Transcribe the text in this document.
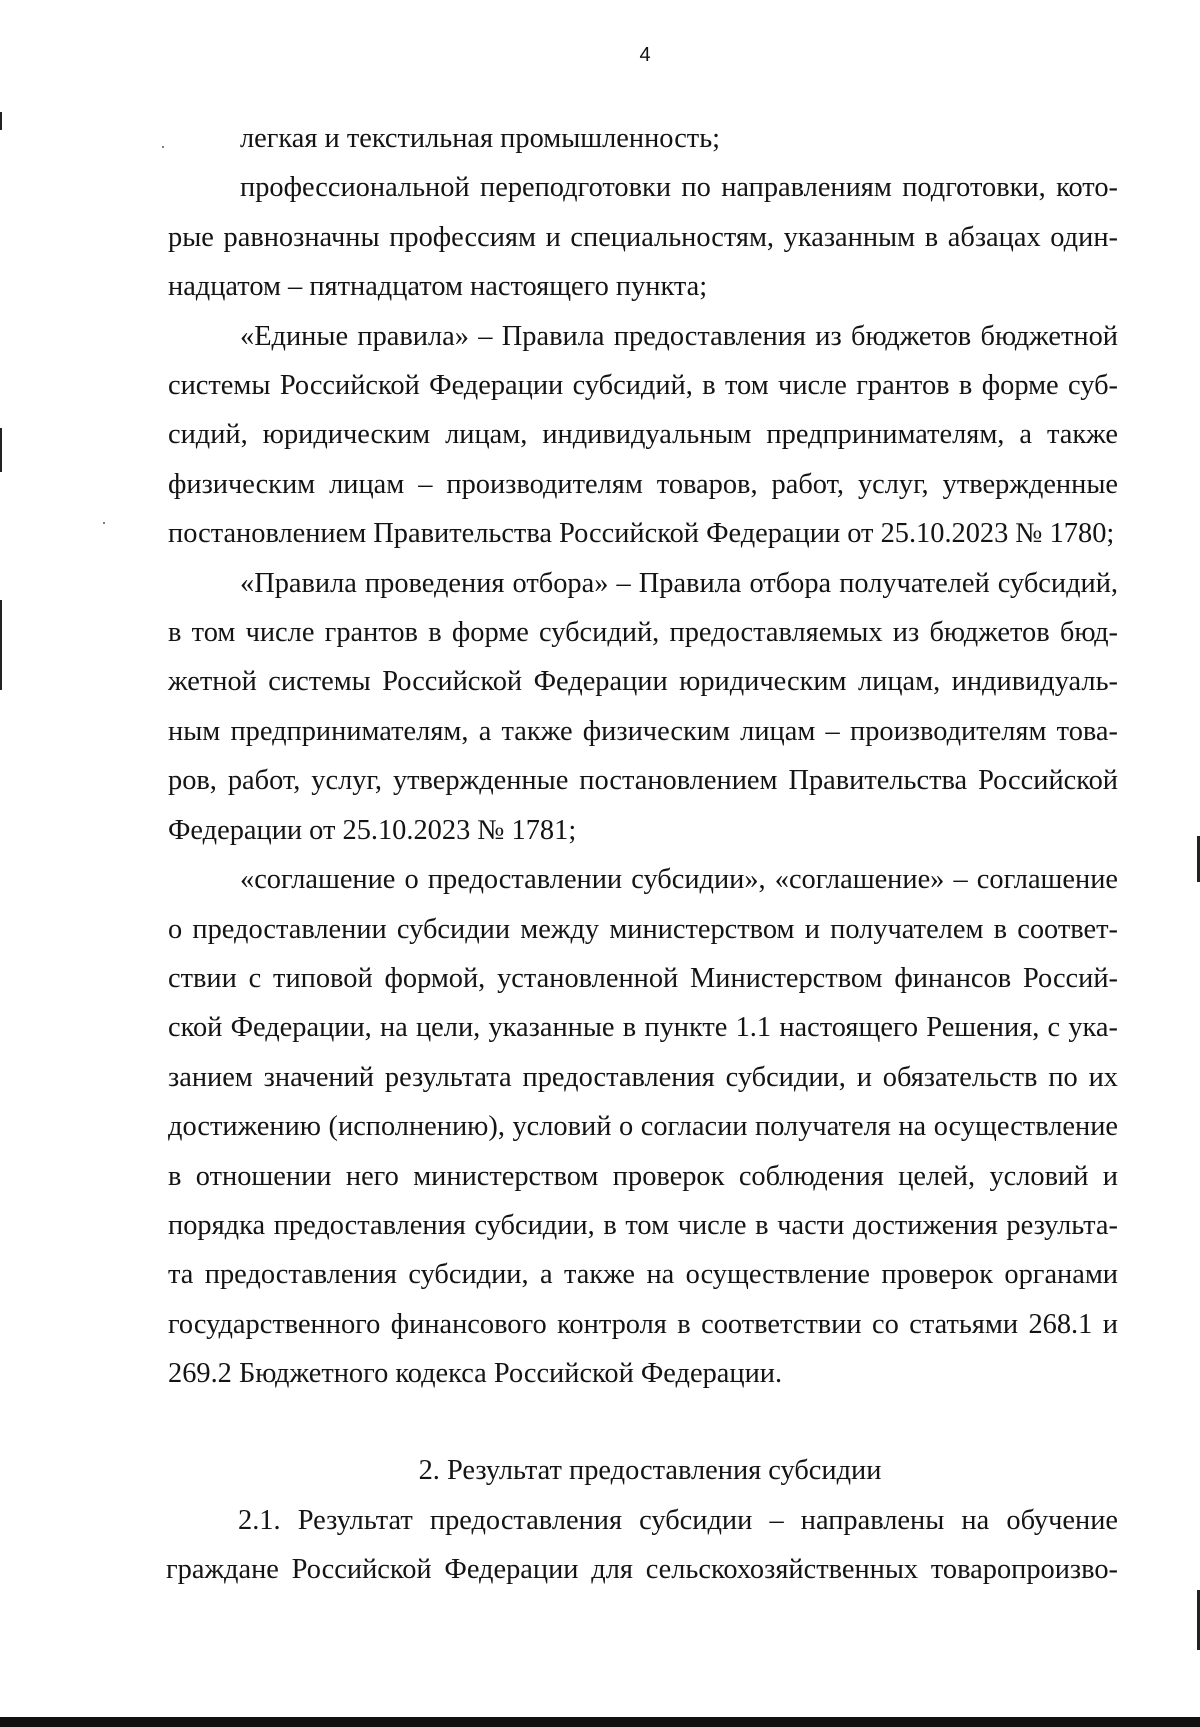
4

легкая и текстильная промышленность;

профессиональной переподготовки по направлениям подготовки, которые равнозначны профессиям и специальностям, указанным в абзацах одиннадцатом – пятнадцатом настоящего пункта;

«Единые правила» – Правила предоставления из бюджетов бюджетной системы Российской Федерации субсидий, в том числе грантов в форме субсидий, юридическим лицам, индивидуальным предпринимателям, а также физическим лицам – производителям товаров, работ, услуг, утвержденные постановлением Правительства Российской Федерации от 25.10.2023 № 1780;

«Правила проведения отбора» – Правила отбора получателей субсидий, в том числе грантов в форме субсидий, предоставляемых из бюджетов бюджетной системы Российской Федерации юридическим лицам, индивидуальным предпринимателям, а также физическим лицам – производителям товаров, работ, услуг, утвержденные постановлением Правительства Российской Федерации от 25.10.2023 № 1781;

«соглашение о предоставлении субсидии», «соглашение» – соглашение о предоставлении субсидии между министерством и получателем в соответствии с типовой формой, установленной Министерством финансов Российской Федерации, на цели, указанные в пункте 1.1 настоящего Решения, с указанием значений результата предоставления субсидии, и обязательств по их достижению (исполнению), условий о согласии получателя на осуществление в отношении него министерством проверок соблюдения целей, условий и порядка предоставления субсидии, в том числе в части достижения результата предоставления субсидии, а также на осуществление проверок органами государственного финансового контроля в соответствии со статьями 268.1 и 269.2 Бюджетного кодекса Российской Федерации.

2. Результат предоставления субсидии

2.1. Результат предоставления субсидии – направлены на обучение граждане Российской Федерации для сельскохозяйственных товаропроизво-
